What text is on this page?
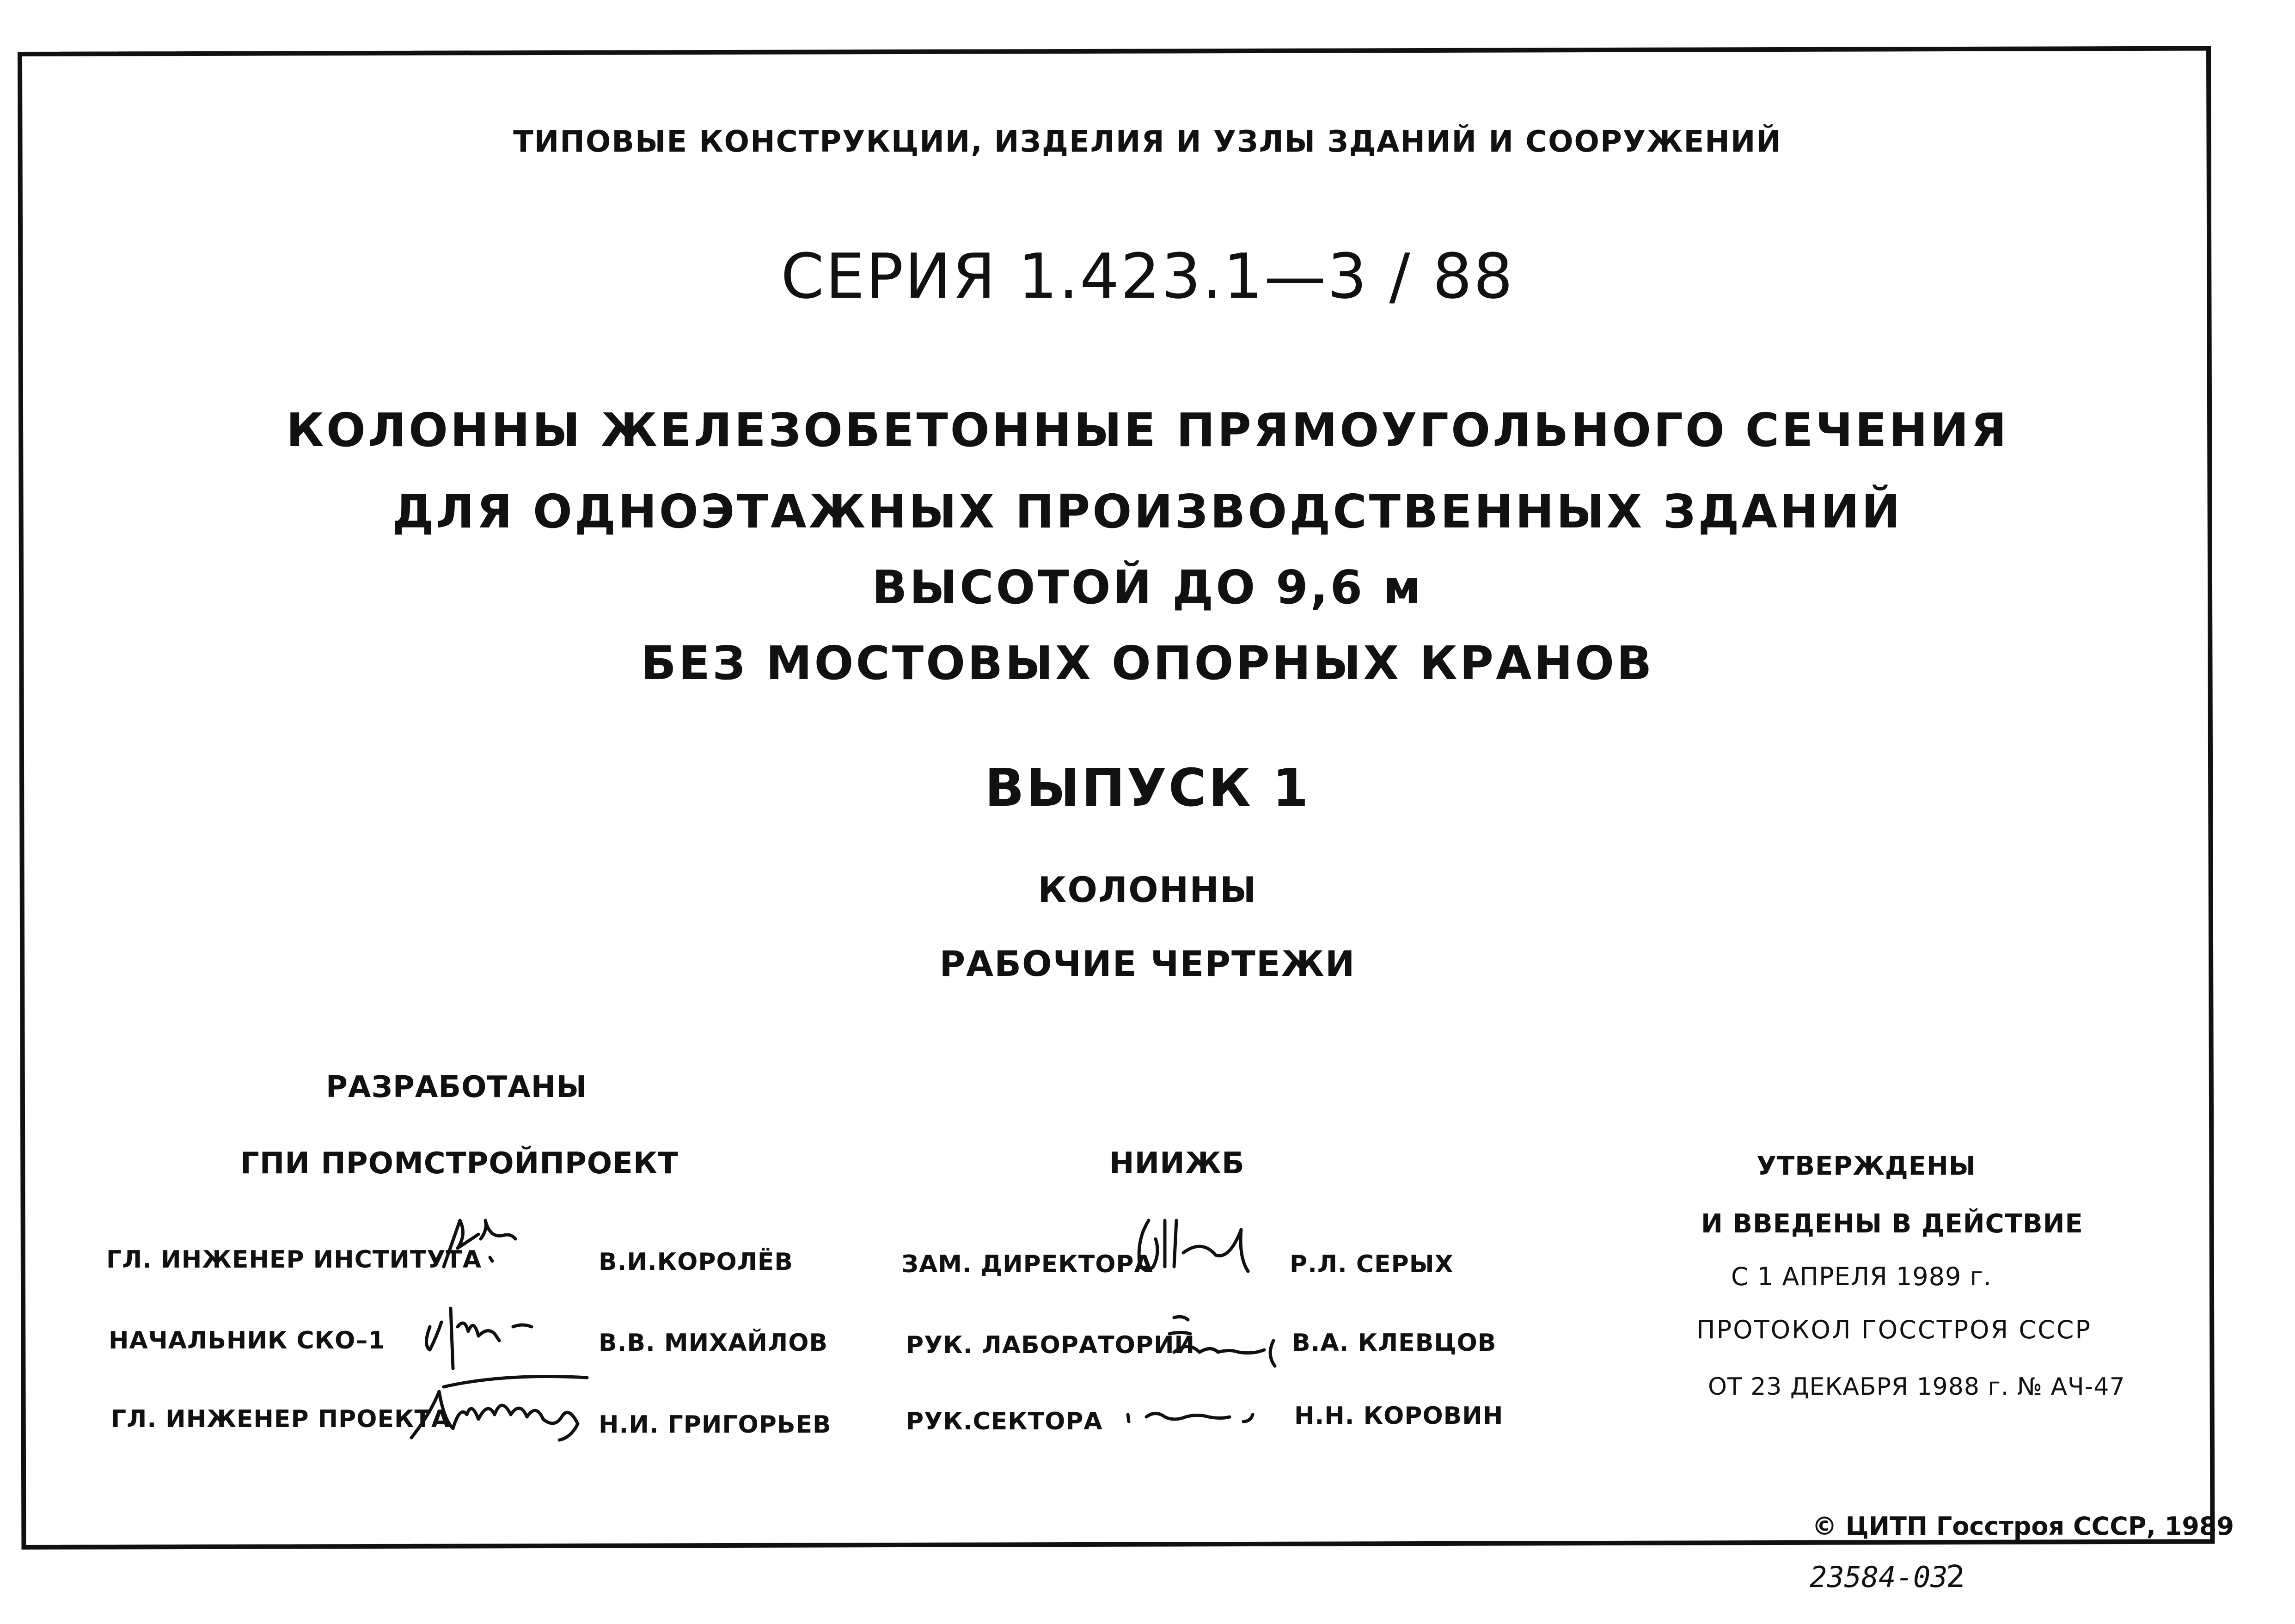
ТИПОВЫЕ КОНСТРУКЦИИ, ИЗДЕЛИЯ И УЗЛЫ ЗДАНИЙ И СООРУЖЕНИЙ
СЕРИЯ 1.423.1—3 / 88
КОЛОННЫ ЖЕЛЕЗОБЕТОННЫЕ ПРЯМОУГОЛЬНОГО СЕЧЕНИЯ
ДЛЯ ОДНОЭТАЖНЫХ ПРОИЗВОДСТВЕННЫХ ЗДАНИЙ
ВЫСОТОЙ ДО 9,6 м
БЕЗ МОСТОВЫХ ОПОРНЫХ КРАНОВ
ВЫПУСК 1
КОЛОННЫ
РАБОЧИЕ ЧЕРТЕЖИ
РАЗРАБОТАНЫ
ГПИ ПРОМСТРОЙПРОЕКТ
ГЛ. ИНЖЕНЕР ИНСТИТУТА	В.И.КОРОЛЁВ
НАЧАЛЬНИК СКО–1	В.В. МИХАЙЛОВ
ГЛ. ИНЖЕНЕР ПРОЕКТА	Н.И. ГРИГОРЬЕВ
НИИЖБ
ЗАМ. ДИРЕКТОРА	Р.Л. СЕРЫХ
РУК. ЛАБОРАТОРИИ	В.А. КЛЕВЦОВ
РУК.СЕКТОРА	Н.Н. КОРОВИН
УТВЕРЖДЕНЫ
И ВВЕДЕНЫ В ДЕЙСТВИЕ
С 1 АПРЕЛЯ 1989 г.
ПРОТОКОЛ ГОССТРОЯ СССР
ОТ 23 ДЕКАБРЯ 1988 г. № АЧ-47
© ЦИТП Госстроя СССР, 1989
23584-03
2
